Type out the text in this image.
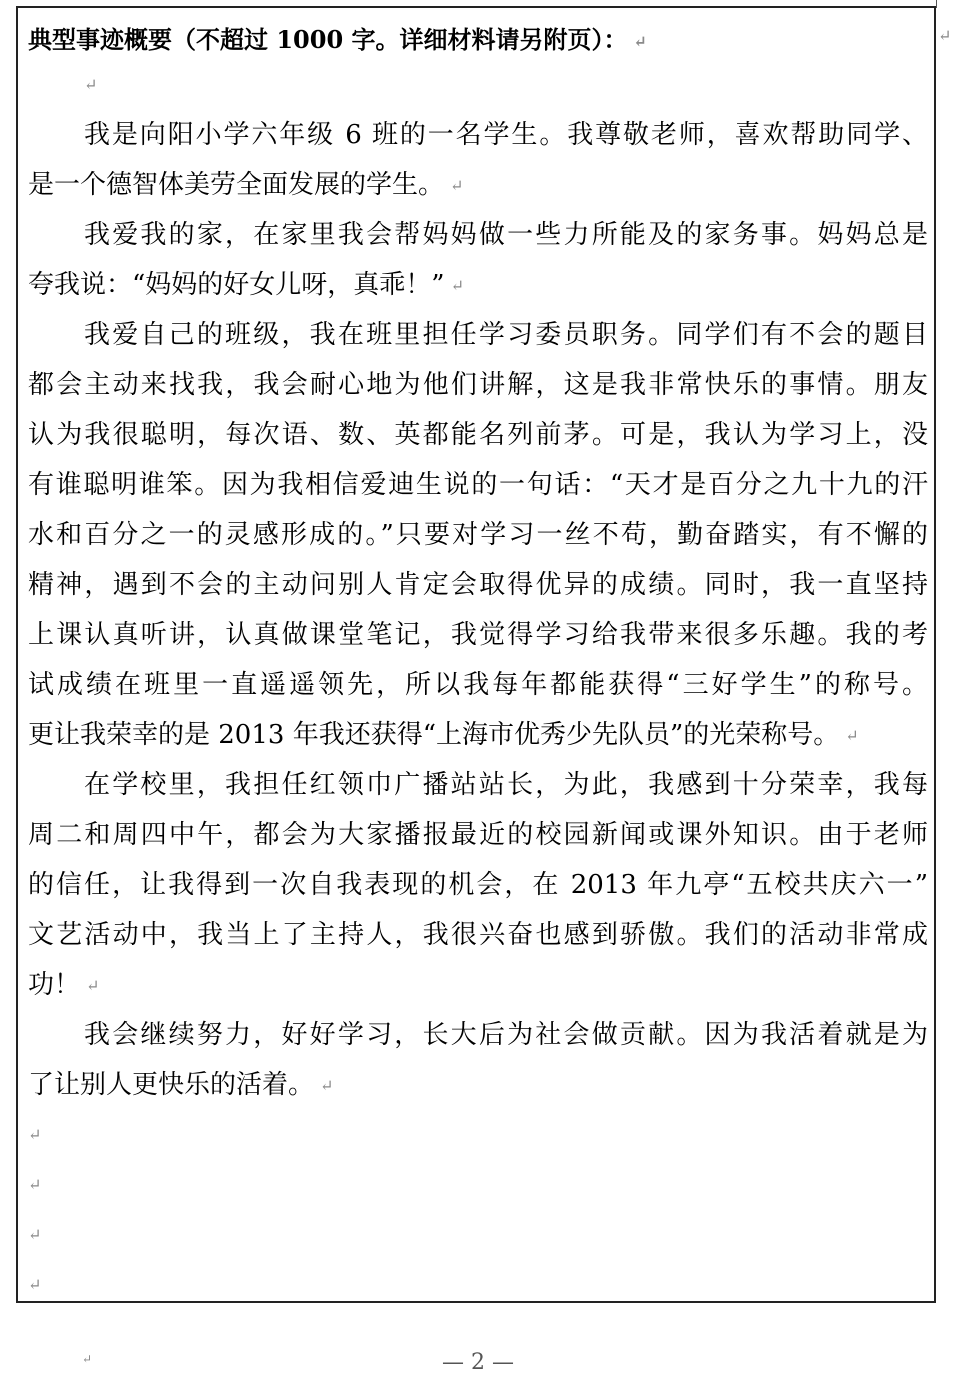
↵
典型事迹概要（不超过 1000 字。详细材料请另附页）： ↵
↵
我是向阳小学六年级 6 班的一名学生。我尊敬老师，喜欢帮助同学、
是一个德智体美劳全面发展的学生。 ↵
我爱我的家，在家里我会帮妈妈做一些力所能及的家务事。妈妈总是
夸我说：“妈妈的好女儿呀，真乖！” ↵
我爱自己的班级，我在班里担任学习委员职务。同学们有不会的题目
都会主动来找我，我会耐心地为他们讲解，这是我非常快乐的事情。朋友
认为我很聪明，每次语、数、英都能名列前茅。可是，我认为学习上，没
有谁聪明谁笨。因为我相信爱迪生说的一句话：“天才是百分之九十九的汗
水和百分之一的灵感形成的。”只要对学习一丝不苟，勤奋踏实，有不懈的
精神，遇到不会的主动问别人肯定会取得优异的成绩。同时，我一直坚持
上课认真听讲，认真做课堂笔记，我觉得学习给我带来很多乐趣。我的考
试成绩在班里一直遥遥领先，所以我每年都能获得“三好学生”的称号。
更让我荣幸的是 2013 年我还获得“上海市优秀少先队员”的光荣称号。 ↵
在学校里，我担任红领巾广播站站长，为此，我感到十分荣幸，我每
周二和周四中午，都会为大家播报最近的校园新闻或课外知识。由于老师
的信任，让我得到一次自我表现的机会，在 2013 年九亭“五校共庆六一”
文艺活动中，我当上了主持人，我很兴奋也感到骄傲。我们的活动非常成
功！ ↵
我会继续努力，好好学习，长大后为社会做贡献。因为我活着就是为
了让别人更快乐的活着。 ↵
↵
↵
↵
↵
↵	— 2 —
